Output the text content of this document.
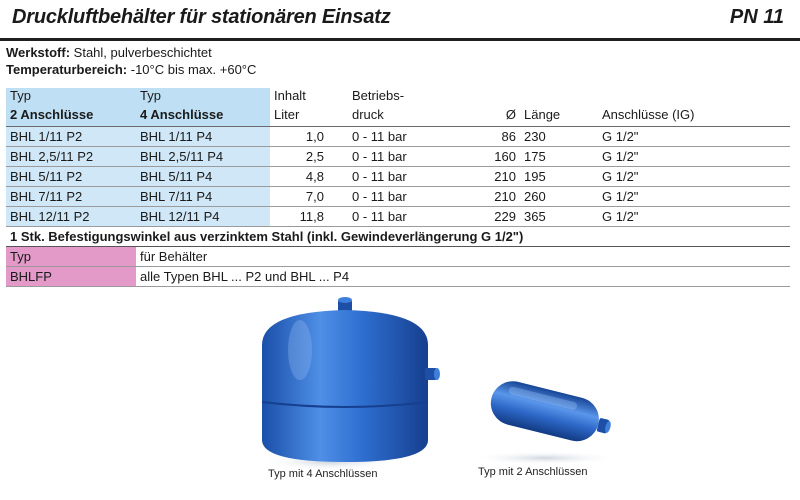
Druckluftbehälter für stationären Einsatz	PN 11
Werkstoff: Stahl, pulverbeschichtet
Temperaturbereich: -10°C bis max. +60°C
Typ	Typ	Inhalt	Betriebs-			
2 Anschlüsse	4 Anschlüsse	Liter	druck	Ø	Länge	Anschlüsse (IG)
BHL 1/11 P2	BHL 1/11 P4	1,0	0 - 11 bar	86	230	G 1/2"
BHL 2,5/11 P2	BHL 2,5/11 P4	2,5	0 - 11 bar	160	175	G 1/2"
BHL 5/11 P2	BHL 5/11 P4	4,8	0 - 11 bar	210	195	G 1/2"
BHL 7/11 P2	BHL 7/11 P4	7,0	0 - 11 bar	210	260	G 1/2"
BHL 12/11 P2	BHL 12/11 P4	11,8	0 - 11 bar	229	365	G 1/2"
1 Stk. Befestigungswinkel aus verzinktem Stahl (inkl. Gewindeverlängerung G 1/2")						
Typ	für Behälter					
BHLFP	alle Typen BHL ... P2 und BHL ... P4					
Typ mit 4 Anschlüssen	Typ mit 2 Anschlüssen
